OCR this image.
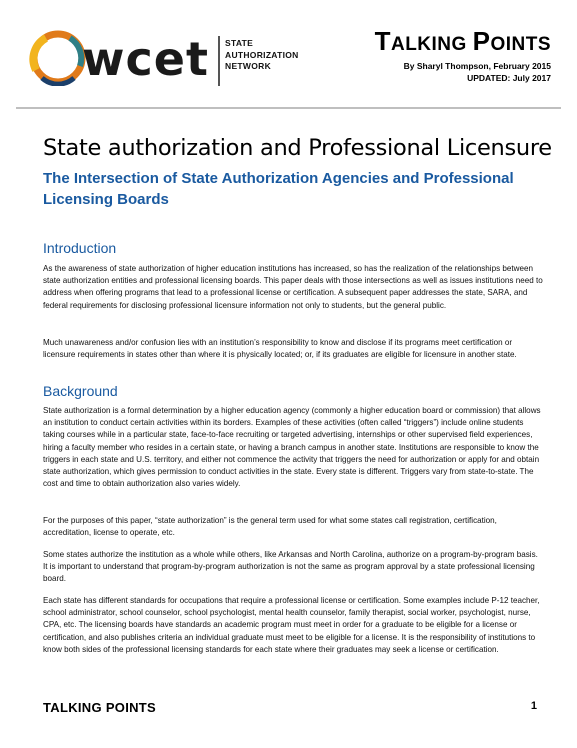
wcet STATE
AUTHORIZATION
NETWORK
TALKING POINTS
By Sharyl Thompson, February 2015
UPDATED: July 2017
State authorization and Professional Licensure
The Intersection of State Authorization Agencies and Professional Licensing Boards
Introduction
As the awareness of state authorization of higher education institutions has increased, so has the realization of the relationships between state authorization entities and professional licensing boards. This paper deals with those intersections as well as issues institutions need to address when offering programs that lead to a professional license or certification. A subsequent paper addresses the state, SARA, and federal requirements for disclosing professional licensure information not only to students, but the general public.
Much unawareness and/or confusion lies with an institution’s responsibility to know and disclose if its programs meet certification or licensure requirements in states other than where it is physically located; or, if its graduates are eligible for licensure in another state.
Background
State authorization is a formal determination by a higher education agency (commonly a higher education board or commission) that allows an institution to conduct certain activities within its borders. Examples of these activities (often called “triggers”) include online students taking courses while in a particular state, face-to-face recruiting or targeted advertising, internships or other supervised field experiences, hiring a faculty member who resides in a certain state, or having a branch campus in another state. Institutions are responsible to know the triggers in each state and U.S. territory, and either not commence the activity that triggers the need for authorization or apply for and obtain state authorization, which gives permission to conduct activities in the state. Every state is different. Triggers vary from state-to-state. The cost and time to obtain authorization also varies widely.
For the purposes of this paper, “state authorization” is the general term used for what some states call registration, certification, accreditation, license to operate, etc.
Some states authorize the institution as a whole while others, like Arkansas and North Carolina, authorize on a program-by-program basis. It is important to understand that program-by-program authorization is not the same as program approval by a state professional licensing board.
Each state has different standards for occupations that require a professional license or certification. Some examples include P-12 teacher, school administrator, school counselor, school psychologist, mental health counselor, family therapist, social worker, psychologist, nurse, CPA, etc. The licensing boards have standards an academic program must meet in order for a graduate to be eligible for a license or certification, and also publishes criteria an individual graduate must meet to be eligible for a license. It is the responsibility of institutions to know both sides of the professional licensing standards for each state where their graduates may seek a license or certification.
TALKING POINTS	1
